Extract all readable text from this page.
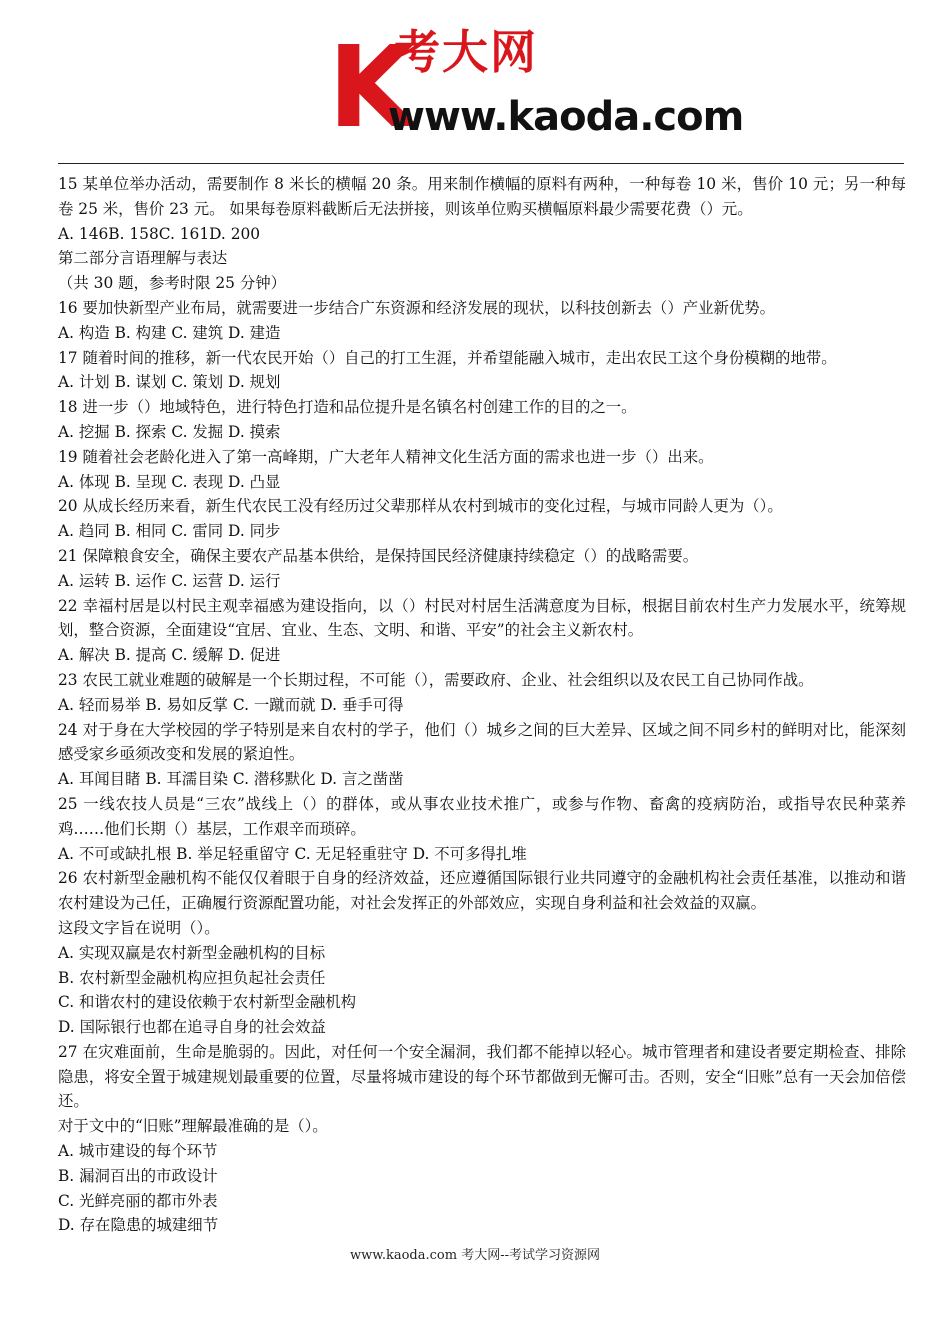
K
考大网
www.kaoda.com

15 某单位举办活动，需要制作 8 米长的横幅 20 条。用来制作横幅的原料有两种，一种每卷 10 米，售价 10 元；另一种每卷 25 米，售价 23 元。 如果每卷原料截断后无法拼接，则该单位购买横幅原料最少需要花费（）元。

A. 146B. 158C. 161D. 200

第二部分言语理解与表达

（共 30 题，参考时限 25 分钟）

16 要加快新型产业布局，就需要进一步结合广东资源和经济发展的现状，以科技创新去（）产业新优势。

A. 构造 B. 构建 C. 建筑 D. 建造

17 随着时间的推移，新一代农民开始（）自己的打工生涯，并希望能融入城市，走出农民工这个身份模糊的地带。

A. 计划 B. 谋划 C. 策划 D. 规划

18 进一步（）地域特色，进行特色打造和品位提升是名镇名村创建工作的目的之一。

A. 挖掘 B. 探索 C. 发掘 D. 摸索

19 随着社会老龄化进入了第一高峰期，广大老年人精神文化生活方面的需求也进一步（）出来。

A. 体现 B. 呈现 C. 表现 D. 凸显

20 从成长经历来看，新生代农民工没有经历过父辈那样从农村到城市的变化过程，与城市同龄人更为（）。

A. 趋同 B. 相同 C. 雷同 D. 同步

21 保障粮食安全，确保主要农产品基本供给，是保持国民经济健康持续稳定（）的战略需要。

A. 运转 B. 运作 C. 运营 D. 运行

22 幸福村居是以村民主观幸福感为建设指向，以（）村民对村居生活满意度为目标，根据目前农村生产力发展水平，统筹规划，整合资源，全面建设“宜居、宜业、生态、文明、和谐、平安”的社会主义新农村。

A. 解决 B. 提高 C. 缓解 D. 促进

23 农民工就业难题的破解是一个长期过程，不可能（），需要政府、企业、社会组织以及农民工自己协同作战。

A. 轻而易举 B. 易如反掌 C. 一蹴而就 D. 垂手可得

24 对于身在大学校园的学子特别是来自农村的学子，他们（）城乡之间的巨大差异、区域之间不同乡村的鲜明对比，能深刻感受家乡亟须改变和发展的紧迫性。

A. 耳闻目睹 B. 耳濡目染 C. 潜移默化 D. 言之凿凿

25 一线农技人员是“三农”战线上（）的群体，或从事农业技术推广，或参与作物、畜禽的疫病防治，或指导农民种菜养鸡……他们长期（）基层，工作艰辛而琐碎。

A. 不可或缺扎根 B. 举足轻重留守 C. 无足轻重驻守 D. 不可多得扎堆

26 农村新型金融机构不能仅仅着眼于自身的经济效益，还应遵循国际银行业共同遵守的金融机构社会责任基准，以推动和谐农村建设为己任，正确履行资源配置功能，对社会发挥正的外部效应，实现自身利益和社会效益的双赢。

这段文字旨在说明（）。

A. 实现双赢是农村新型金融机构的目标

B. 农村新型金融机构应担负起社会责任

C. 和谐农村的建设依赖于农村新型金融机构

D. 国际银行也都在追寻自身的社会效益

27 在灾难面前，生命是脆弱的。因此，对任何一个安全漏洞，我们都不能掉以轻心。城市管理者和建设者要定期检查、排除隐患，将安全置于城建规划最重要的位置，尽量将城市建设的每个环节都做到无懈可击。否则，安全“旧账”总有一天会加倍偿还。

对于文中的“旧账”理解最准确的是（）。

A. 城市建设的每个环节

B. 漏洞百出的市政设计

C. 光鲜亮丽的都市外表

D. 存在隐患的城建细节

www.kaoda.com 考大网--考试学习资源网
